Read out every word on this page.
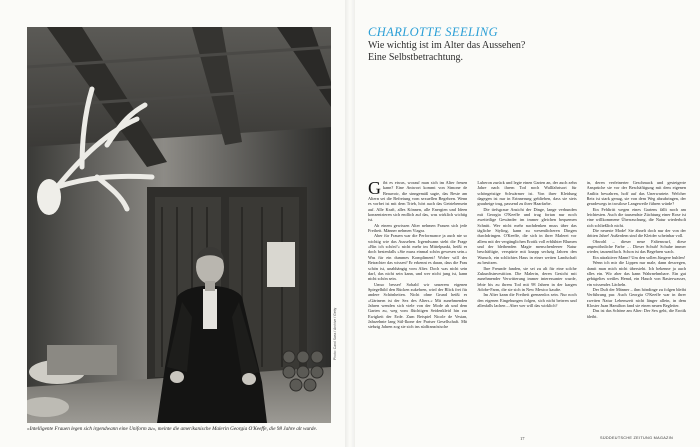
Photo: Carol Sass / Archive / Getty
»Intelligente Frauen legen sich irgendwann eine Uniform zu«, meinte die amerikanische Malerin Georgia O'Keeffe, die 98 Jahre alt wurde.
CHARLOTTE SEELING
Wie wichtig ist im Alter das Aussehen?
Eine Selbstbetrachtung.

Gibt es etwas, worauf man sich im Alter freuen kann? Eine Antwort kommt von Simone de Beauvoir, die sinngemäß sagte, das Beste am Altern sei die Befreiung vom sexuellen Begehren. Wenn es vorbei ist mit dem Trieb, hört auch das Getriebensein auf. Alle Kraft, alles Können, alle Energien und Ideen konzentrieren sich endlich auf das, was wirklich wichtig ist.

Ab einem gewissen Alter nehmen Frauen sich jede Freiheit. Männer nehmen Viagra.

Aber für Frauen war die Performance ja auch nie so wichtig wie das Aussehen. Irgendwann steht die Frage »Bin ich schön?« nicht mehr im Mittelpunkt, heißt es doch bestenfalls »Sie muss einmal schön gewesen sein.« Was für ein dummes Kompliment! Woher will der Betrachter das wissen? Er erkennt es daran, dass die Frau schön ist, unabhängig vom Alter. Doch was nicht sein darf, das nicht sein kann, und wer nicht jung ist, kann nicht schön sein.

Umso besser! Sobald wir unserem eigenen Spiegelbild den Rücken zukehren, wird der Blick frei für andere Schönheiten. Nicht ohne Grund heißt es »Gärtnern ist der Sex des Alters.« Mit zunehmenden Jahren wenden sich viele von der Mode ab und dem Garten zu, weg vom flüchtigen Seidenkleid hin zur Ewigkeit der Erde. Zum Beispiel Nicole de Vesian, Jahrzehnte lang Stil-Ikone der Pariser Gesellschaft. Mit siebzig Jahren zog sie sich ins südfranzösische

Luberon zurück und legte einen Garten an, der auch zehn Jahre nach ihrem Tod noch Wallfahrtsort für schöngeistige Schwärmer ist. Von ihrer Kleidung dagegen ist nur in Erinnerung geblieben, dass sie stets graubeige trug, passend zu ihrer Haarfarbe.

Die tiefsgraue Ansicht der Dinge, lange verbunden mit Georgia O'Keeffe und trug fortan nur noch zweiteilige Gewänder im immer gleichen bequemen Schnitt. Wer nicht mehr nachdenken muss über das tägliche Styling, kann zu wesentlicheren Dingen durchdringen. O'Keeffe, die sich in ihrer Malerei vor allem mit der vergänglichen Erotik voll erblühter Blumen und der bleibenden Magie menschenleerer Natur beschäftigte, verspürte mit knapp sechzig Jahren den Wunsch, ein schlichtes Haus in einer weiten Landschaft zu besitzen.

Ihre Freunde fanden, sie sei zu alt für eine solche Zukunftsinvestition. Die Malerin, deren Gesicht mit zunehmender Verwitterung immer interessanter wurde, lebte bis zu ihrem Tod mit 98 Jahren in der kargen Adobe-Farm, die sie sich in New Mexico kaufte.

Im Alter kann die Freiheit grenzenlos sein. Nur noch den eigenen Eingebungen folgen, sich nicht beirren und allenfalls lachen – Aber wer will das wirklich?

in, deren verfeinerter Geschmack und gesteigerte Ansprüche sie vor der Beschäftigung mit dem eigenen Antlitz bewahren, hoff auf das Unerwartete. Welcher Reiz ist stark genug, sie von dem Weg abzubringen, der geradewegs in trostlose Langeweile führen würde?

Ein Fehltritt wegen eines Gartens fällt noch am leichtesten. Auch die tausendste Züchtung einer Rose ist eine willkommene Überraschung, die Natur wiederholt sich schließlich nicht.

Die neueste Mode! Sie ähnelt doch nur der von der dritten Jahre! Außerdem sind die Kleider scheinbar voll.

Obwohl – dieser neue Faltenwurf, diese ungewöhnliche Farbe … Dieser Schuh! Schuhe immer wieder, tausendfach. Schon ist das Begehren wach.

Ein attraktiver Mann? Um den sollen Jüngere buhlen!

Wenn ich mir die Lippen nur male, dann deswegen, damit man mich nicht übersieht. Ich bekenne ja auch alles ein. Wir aber das kann Wahrnehmbare. Ein gut gebügeltes weißes Hemd, ein Hauch von Rasierwasser, ein wissendes Lächeln.

Der Duft der Männer – ihm höndinge zu folgen bleibt Verführung pur. Auch Georgia O'Keeffe war in ihrer zweiten Natur Lebenszeit nicht länger allein, in dem Kloster Juan Hamilton fand sie einen neuen Begleiter.

Das ist das Schöne am Alter: Der Sex geht, die Erotik bleibt.

17	SÜDDEUTSCHE ZEITUNG MAGAZIN
